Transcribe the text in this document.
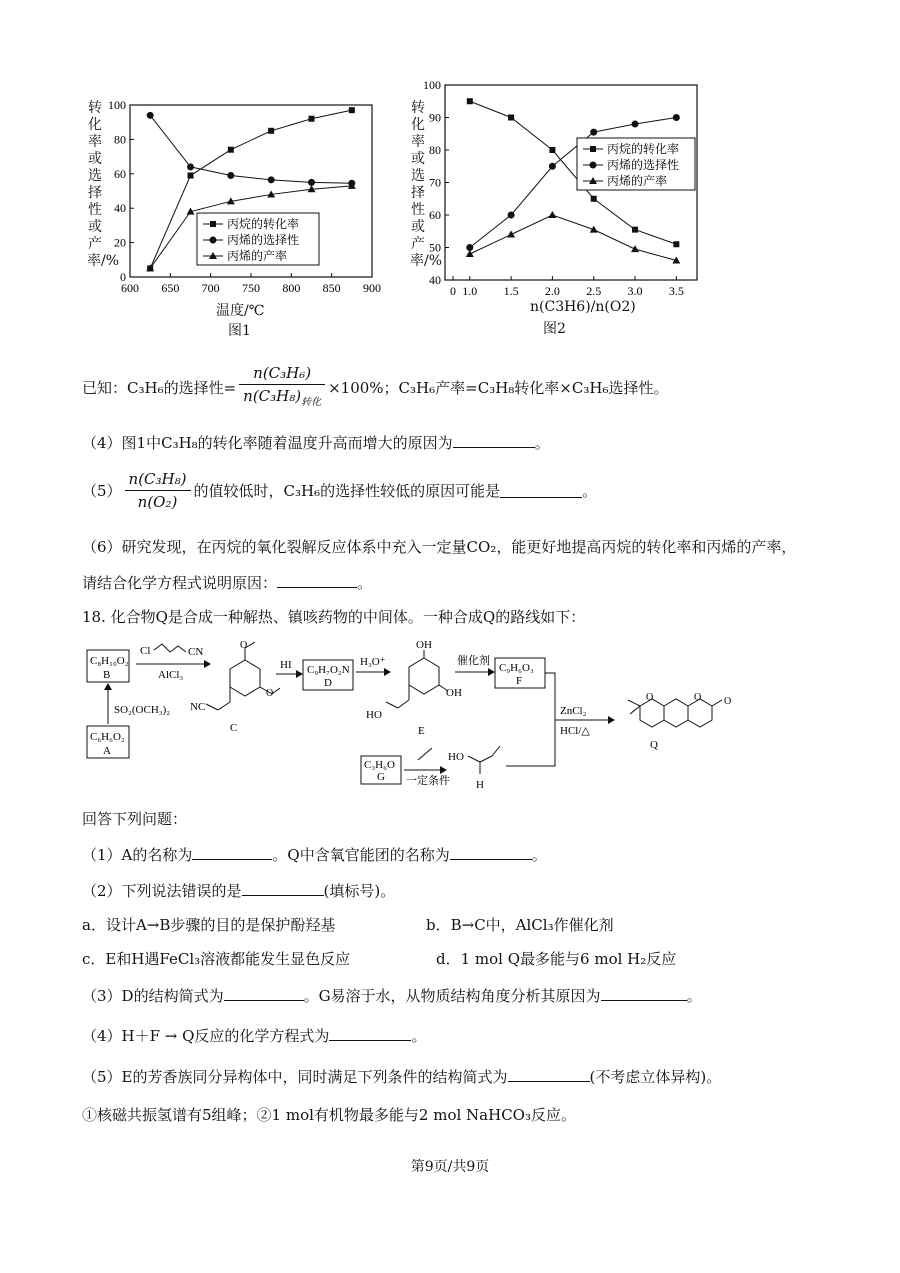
0
20
40
60
80
100
600 650 700 750 800 850 900
丙烷的转化率
丙烯的选择性
丙烯的产率
转化率或选择性或产率/%
温度/℃
图1
40
50
60
70
80
90
100
0 1.0 1.5 2.0 2.5 3.0 3.5
丙烷的转化率
丙烯的选择性
丙烯的产率
转化率或选择性或产率/%
n(C3H6)/n(O2)
图2
已知：C₃H₆的选择性= $\frac{\text{n(C₃H₆)}}{n(C_3H_8)_{转化}} \times 100\%$；C₃H₆产率=C₃H₈转化率×C₃H₆选择性。
（4）图1中C₃H₈的转化率随着温度升高而增大的原因为	。
$(5) \frac{\text{n(C₃H₈)}}{\text{n(O₂)}}$ 的值较低时，C₃H₆的选择性较低的原因可能是	。
（6）研究发现，在丙烷的氧化裂解反应体系中充入一定量CO₂，能更好地提高丙烷的转化率和丙烯的产率，
请结合化学方程式说明原因：	。
18. 化合物Q是合成一种解热、镇咳药物的中间体。一种合成Q的路线如下：
C₈H₁₀O₂
B
C₆H₆O₂
A
SO₂(OCH₃)₂
Cl	CN
AlCl₃
O
O
NC
C
HI C₉H₇O₂N
D
H₃O⁺
OH
OH
HO
E
催化剂
C₉H₆O₃
F
C₃H₆O
G 一定条件
HO
H
ZnCl₂
HCl/△
O	O O
Q
回答下列问题：
（1）A的名称为	。Q中含氧官能团的名称为	。
（2）下列说法错误的是	(填标号)。
a．设计A→B步骤的目的是保护酚羟基	b．B→C中，AlCl₃作催化剂
c．E和H遇FeCl₃溶液都能发生显色反应	d．1 mol Q最多能与6 mol H₂反应
（3）D的结构简式为	。G易溶于水，从物质结构角度分析其原因为	。
（4）H＋F → Q反应的化学方程式为	。
（5）E的芳香族同分异构体中，同时满足下列条件的结构简式为	(不考虑立体异构)。
①核磁共振氢谱有5组峰；②1 mol有机物最多能与2 mol NaHCO₃反应。
第9页/共9页
